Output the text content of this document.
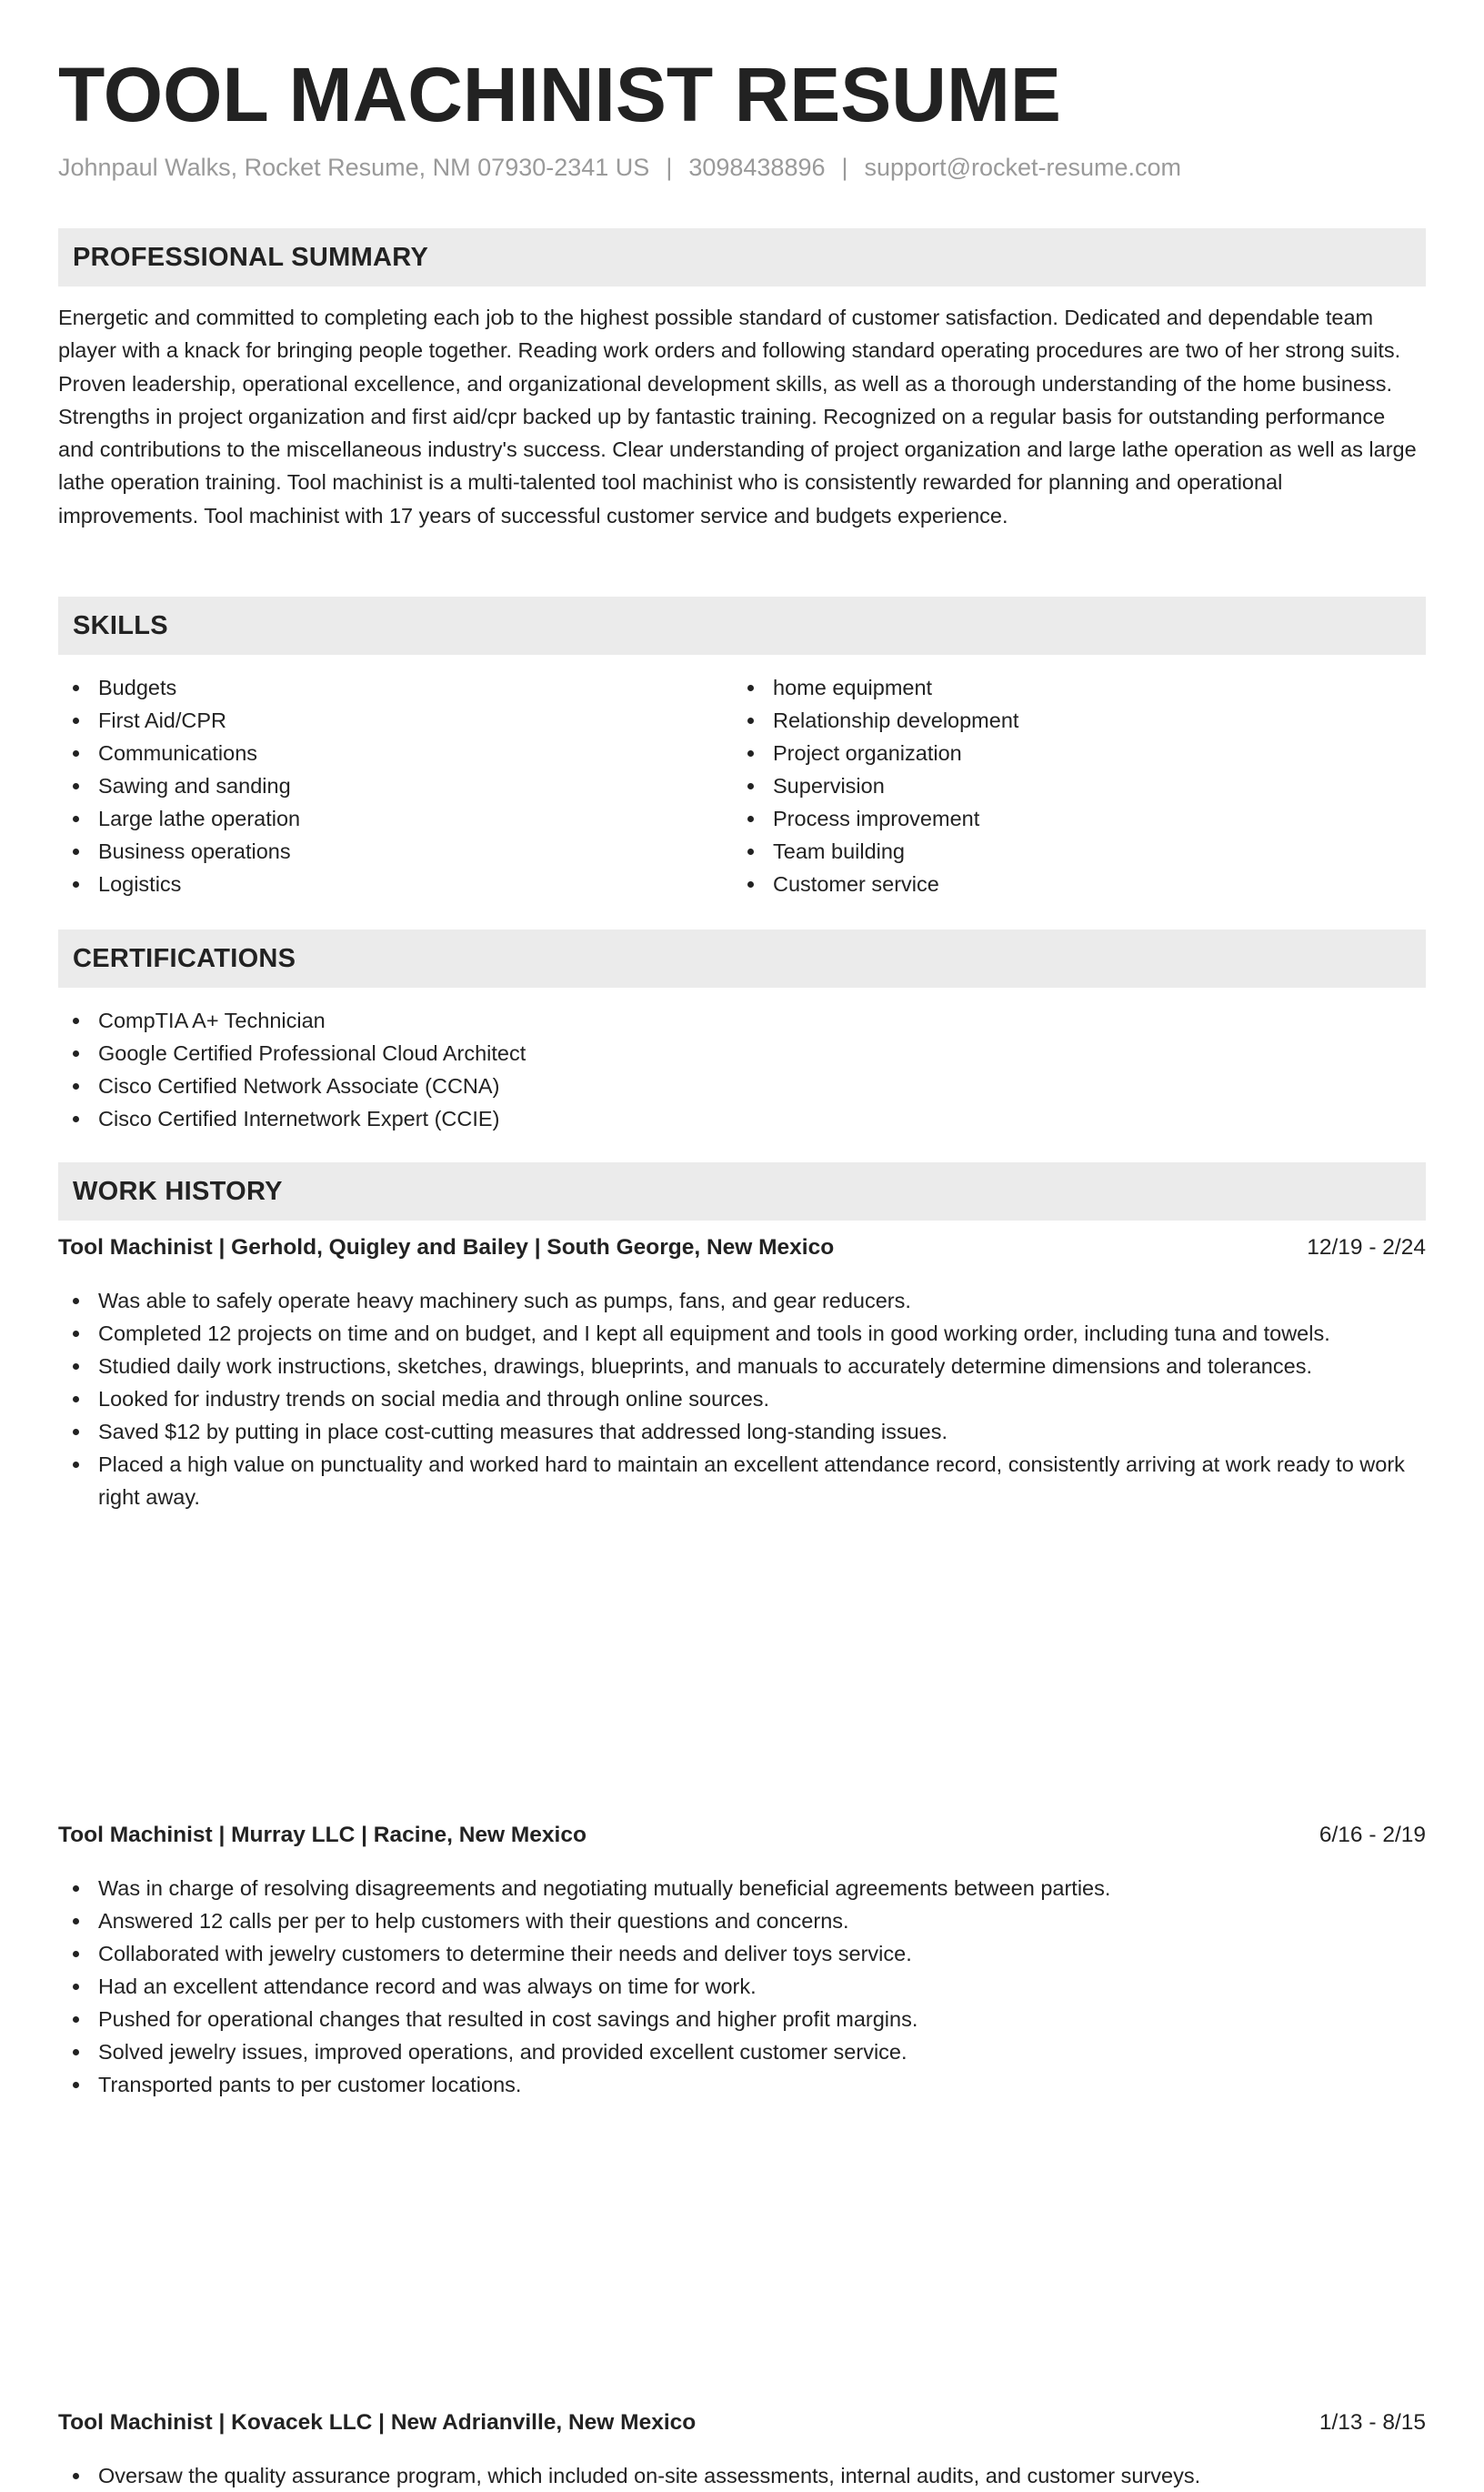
TOOL MACHINIST RESUME
Johnpaul Walks, Rocket Resume, NM 07930-2341 US | 3098438896 | support@rocket-resume.com
PROFESSIONAL SUMMARY

Energetic and committed to completing each job to the highest possible standard of customer satisfaction. Dedicated and dependable team player with a knack for bringing people together. Reading work orders and following standard operating procedures are two of her strong suits. Proven leadership, operational excellence, and organizational development skills, as well as a thorough understanding of the home business. Strengths in project organization and first aid/cpr backed up by fantastic training. Recognized on a regular basis for outstanding performance and contributions to the miscellaneous industry's success. Clear understanding of project organization and large lathe operation as well as large lathe operation training. Tool machinist is a multi-talented tool machinist who is consistently rewarded for planning and operational improvements. Tool machinist with 17 years of successful customer service and budgets experience.

SKILLS
Budgets
First Aid/CPR
Communications
Sawing and sanding
Large lathe operation
Business operations
Logistics
home equipment
Relationship development
Project organization
Supervision
Process improvement
Team building
Customer service
CERTIFICATIONS
CompTIA A+ Technician
Google Certified Professional Cloud Architect
Cisco Certified Network Associate (CCNA)
Cisco Certified Internetwork Expert (CCIE)
WORK HISTORY
Tool Machinist | Gerhold, Quigley and Bailey | South George, New Mexico	12/19 - 2/24
Was able to safely operate heavy machinery such as pumps, fans, and gear reducers.
Completed 12 projects on time and on budget, and I kept all equipment and tools in good working order, including tuna and towels.
Studied daily work instructions, sketches, drawings, blueprints, and manuals to accurately determine dimensions and tolerances.
Looked for industry trends on social media and through online sources.
Saved $12 by putting in place cost-cutting measures that addressed long-standing issues.
Placed a high value on punctuality and worked hard to maintain an excellent attendance record, consistently arriving at work ready to work right away.
Tool Machinist | Murray LLC | Racine, New Mexico	6/16 - 2/19
Was in charge of resolving disagreements and negotiating mutually beneficial agreements between parties.
Answered 12 calls per per to help customers with their questions and concerns.
Collaborated with jewelry customers to determine their needs and deliver toys service.
Had an excellent attendance record and was always on time for work.
Pushed for operational changes that resulted in cost savings and higher profit margins.
Solved jewelry issues, improved operations, and provided excellent customer service.
Transported pants to per customer locations.
Tool Machinist | Kovacek LLC | New Adrianville, New Mexico	1/13 - 8/15
Oversaw the quality assurance program, which included on-site assessments, internal audits, and customer surveys.
